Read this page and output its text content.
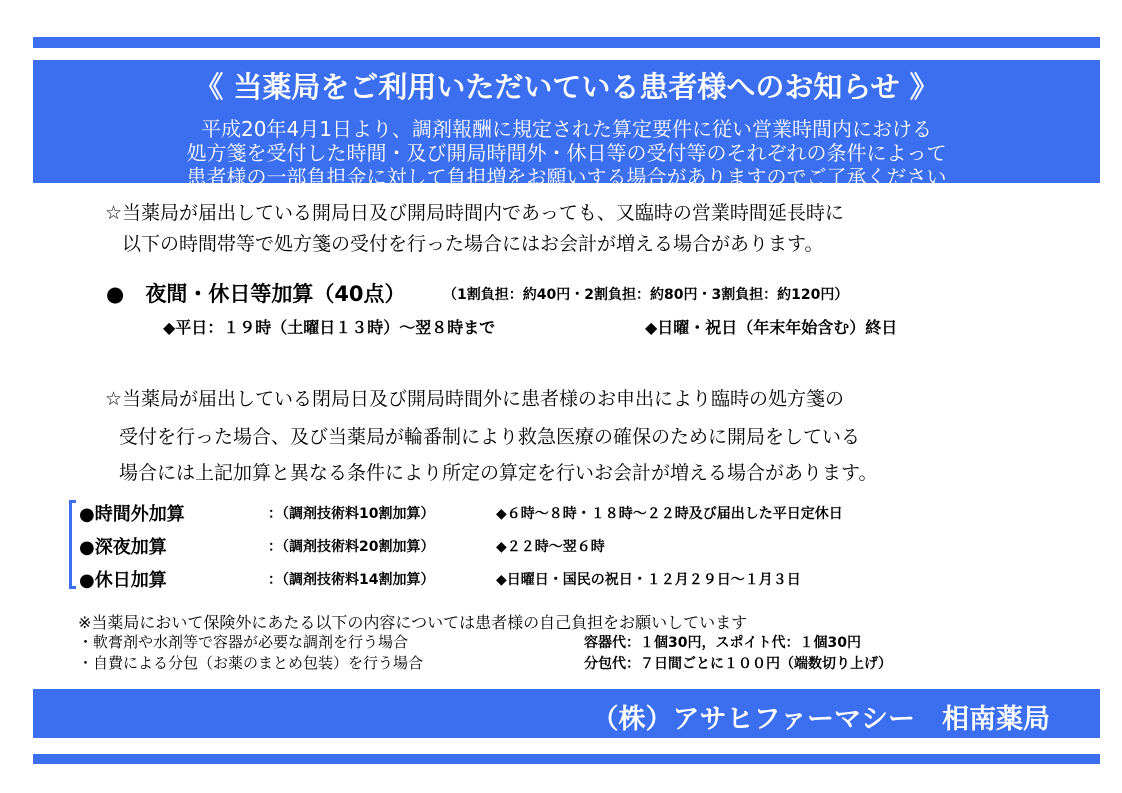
《 当薬局をご利用いただいている患者様へのお知らせ 》
平成20年4月1日より、調剤報酬に規定された算定要件に従い営業時間内における
処方箋を受付した時間・及び開局時間外・休日等の受付等のそれぞれの条件によって
患者様の一部負担金に対して負担増をお願いする場合がありますのでご了承ください
☆当薬局が届出している開局日及び開局時間内であっても、又臨時の営業時間延長時に
以下の時間帯等で処方箋の受付を行った場合にはお会計が増える場合があります。
●　夜間・休日等加算（40点）	（1割負担：約40円・2割負担：約80円・3割負担：約120円）
◆平日：１９時（土曜日１３時）～翌８時まで	◆日曜・祝日（年末年始含む）終日
☆当薬局が届出している閉局日及び開局時間外に患者様のお申出により臨時の処方箋の
受付を行った場合、及び当薬局が輪番制により救急医療の確保のために開局をしている
場合には上記加算と異なる条件により所定の算定を行いお会計が増える場合があります。
●時間外加算	：（調剤技術料10割加算）	◆６時～８時・１８時～２２時及び届出した平日定休日
●深夜加算	：（調剤技術料20割加算）	◆２２時～翌６時
●休日加算	：（調剤技術料14割加算）	◆日曜日・国民の祝日・１２月２９日～１月３日
※当薬局において保険外にあたる以下の内容については患者様の自己負担をお願いしています
・軟膏剤や水剤等で容器が必要な調剤を行う場合	容器代：１個30円，スポイト代：１個30円
・自費による分包（お薬のまとめ包装）を行う場合	分包代：７日間ごとに１００円（端数切り上げ）
（株）アサヒファーマシー　相南薬局
